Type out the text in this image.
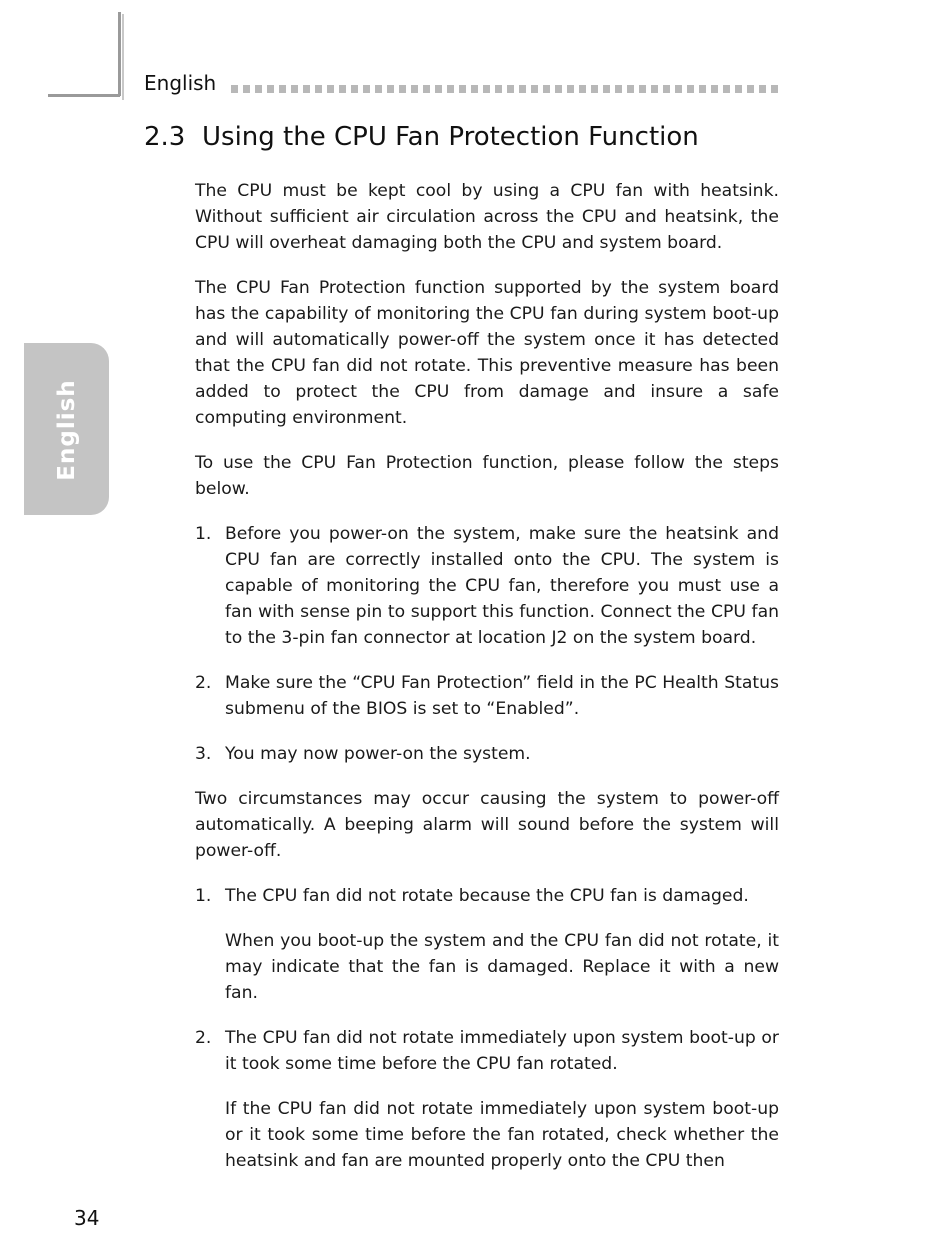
English
English
2.3 Using the CPU Fan Protection Function

The CPU must be kept cool by using a CPU fan with heatsink. Without sufficient air circulation across the CPU and heatsink, the CPU will overheat damaging both the CPU and system board.

The CPU Fan Protection function supported by the system board has the capability of monitoring the CPU fan during system boot-up and will automatically power-off the system once it has detected that the CPU fan did not rotate. This preventive measure has been added to protect the CPU from damage and insure a safe computing environment.

To use the CPU Fan Protection function, please follow the steps below.

1. Before you power-on the system, make sure the heatsink and CPU fan are correctly installed onto the CPU. The system is capable of monitoring the CPU fan, therefore you must use a fan with sense pin to support this function. Connect the CPU fan to the 3-pin fan connector at location J2 on the system board.
2. Make sure the “CPU Fan Protection” field in the PC Health Status submenu of the BIOS is set to “Enabled”.
3. You may now power-on the system.

Two circumstances may occur causing the system to power-off automatically. A beeping alarm will sound before the system will power-off.

1. The CPU fan did not rotate because the CPU fan is damaged.

When you boot-up the system and the CPU fan did not rotate, it may indicate that the fan is damaged. Replace it with a new fan.

2. The CPU fan did not rotate immediately upon system boot-up or it took some time before the CPU fan rotated.

If the CPU fan did not rotate immediately upon system boot-up or it took some time before the fan rotated, check whether the heatsink and fan are mounted properly onto the CPU then

34
